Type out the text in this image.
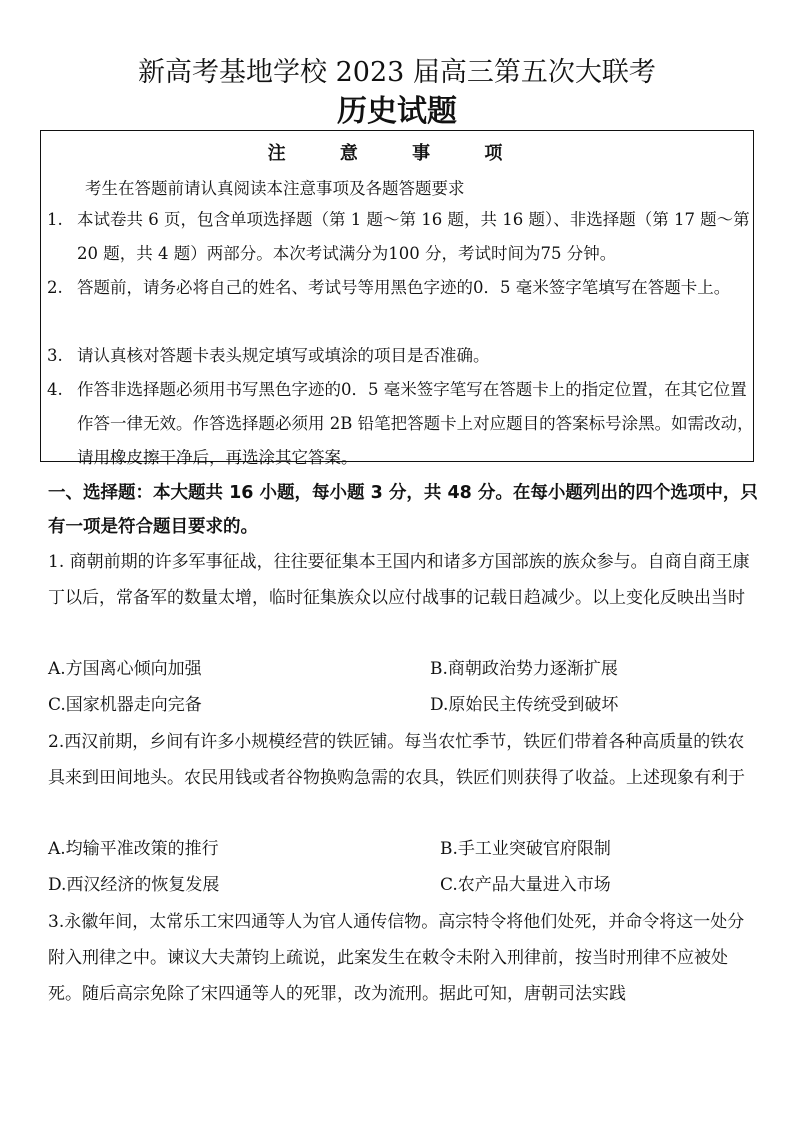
新高考基地学校 2023 届高三第五次大联考
历史试题
注 意 事 项
考生在答题前请认真阅读本注意事项及各题答题要求
1. 本试卷共 6 页，包含单项选择题（第 1 题～第 16 题，共 16 题）、非选择题（第 17 题～第 20 题，共 4 题）两部分。本次考试满分为100 分，考试时间为75 分钟。
2. 答题前，请务必将自己的姓名、考试号等用黑色字迹的0．5 毫米签字笔填写在答题卡上。
3. 请认真核对答题卡表头规定填写或填涂的项目是否准确。
4. 作答非选择题必须用书写黑色字迹的0．5 毫米签字笔写在答题卡上的指定位置，在其它位置作答一律无效。作答选择题必须用 2B 铅笔把答题卡上对应题目的答案标号涂黑。如需改动，请用橡皮擦干净后，再选涂其它答案。
一、选择题：本大题共 16 小题，每小题 3 分，共 48 分。在每小题列出的四个选项中，只有一项是符合题目要求的。
1. 商朝前期的许多军事征战，往往要征集本王国内和诸多方国部族的族众参与。自商自商王康丁以后，常备军的数量太增，临时征集族众以应付战事的记载日趋减少。以上变化反映出当时
A.方国离心倾向加强	B.商朝政治势力逐渐扩展
C.国家机器走向完备	D.原始民主传统受到破坏
2.西汉前期，乡间有许多小规模经营的铁匠铺。每当农忙季节，铁匠们带着各种高质量的铁农具来到田间地头。农民用钱或者谷物换购急需的农具，铁匠们则获得了收益。上述现象有利于
A.均输平准改策的推行	B.手工业突破官府限制
D.西汉经济的恢复发展	C.农产品大量进入市场
3.永徽年间，太常乐工宋四通等人为官人通传信物。高宗特令将他们处死，并命令将这一处分附入刑律之中。谏议大夫萧钧上疏说，此案发生在敕令未附入刑律前，按当时刑律不应被处死。随后高宗免除了宋四通等人的死罪，改为流刑。据此可知，唐朝司法实践
